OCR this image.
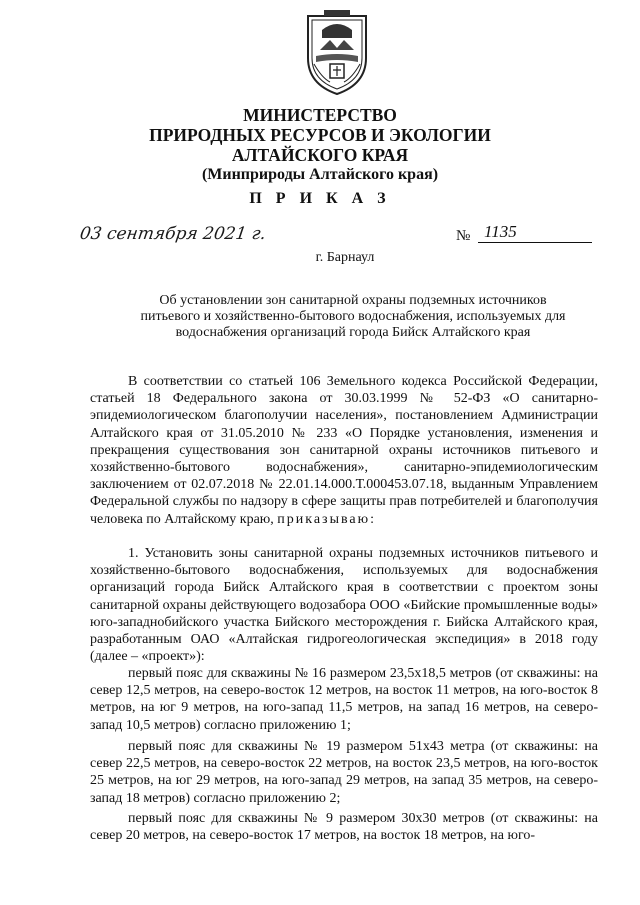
МИНИСТЕРСТВО
ПРИРОДНЫХ РЕСУРСОВ И ЭКОЛОГИИ
АЛТАЙСКОГО КРАЯ
(Минприроды Алтайского края)
П Р И К А З
03 сентября 2021 г.	№ 1135
г. Барнаул
Об установлении зон санитарной охраны подземных источников
питьевого и хозяйственно-бытового водоснабжения, используемых для
водоснабжения организаций города Бийск Алтайского края

В соответствии со статьей 106 Земельного кодекса Российской Федерации, статьей 18 Федерального закона от 30.03.1999 № 52-ФЗ «О санитарно-эпидемиологическом благополучии населения», постановлением Администрации Алтайского края от 31.05.2010 № 233 «О Порядке установления, изменения и прекращения существования зон санитарной охраны источников питьевого и хозяйственно-бытового водоснабжения», санитарно-эпидемиологическим заключением от 02.07.2018 № 22.01.14.000.Т.000453.07.18, выданным Управлением Федеральной службы по надзору в сфере защиты прав потребителей и благополучия человека по Алтайскому краю, приказываю:

1. Установить зоны санитарной охраны подземных источников питьевого и хозяйственно-бытового водоснабжения, используемых для водоснабжения организаций города Бийск Алтайского края в соответствии с проектом зоны санитарной охраны действующего водозабора ООО «Бийские промышленные воды» юго-западнобийского участка Бийского месторождения г. Бийска Алтайского края, разработанным ОАО «Алтайская гидрогеологическая экспедиция» в 2018 году (далее – «проект»):

первый пояс для скважины № 16 размером 23,5x18,5 метров (от скважины: на север 12,5 метров, на северо-восток 12 метров, на восток 11 метров, на юго-восток 8 метров, на юг 9 метров, на юго-запад 11,5 метров, на запад 16 метров, на северо-запад 10,5 метров) согласно приложению 1;

первый пояс для скважины № 19 размером 51x43 метра (от скважины: на север 22,5 метров, на северо-восток 22 метров, на восток 23,5 метров, на юго-восток 25 метров, на юг 29 метров, на юго-запад 29 метров, на запад 35 метров, на северо-запад 18 метров) согласно приложению 2;

первый пояс для скважины № 9 размером 30x30 метров (от скважины: на север 20 метров, на северо-восток 17 метров, на восток 18 метров, на юго-
